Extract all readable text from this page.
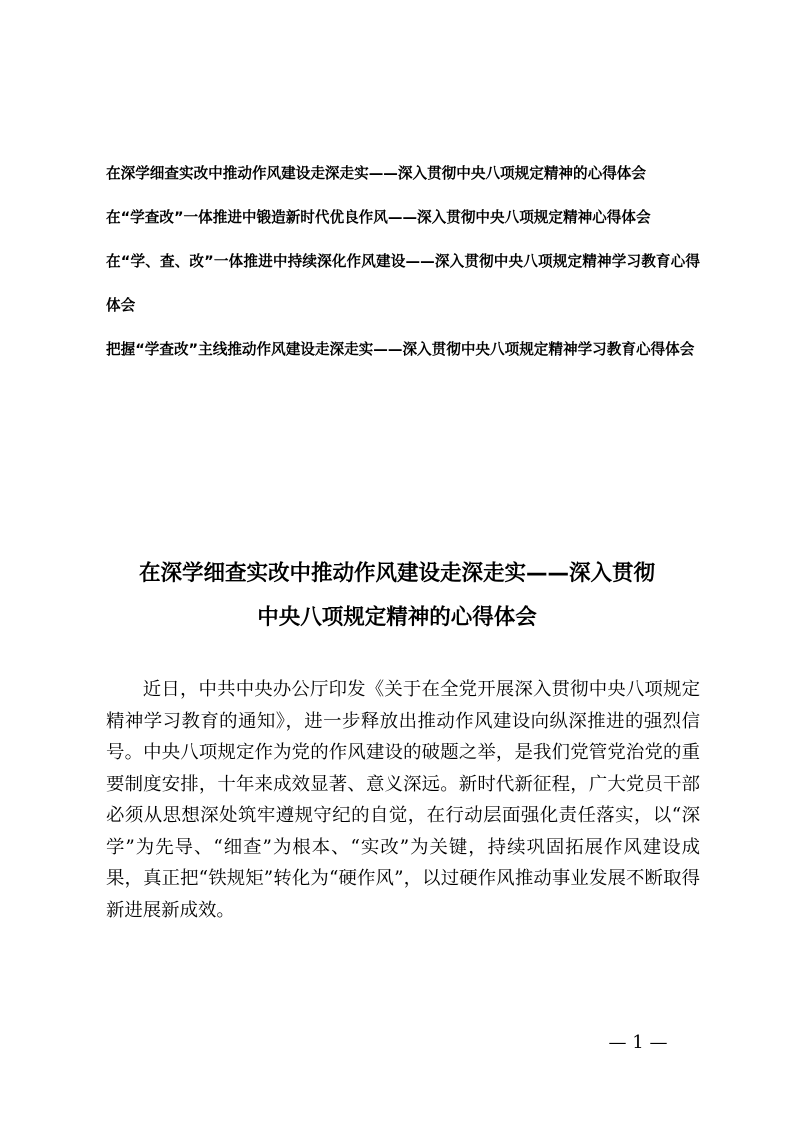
在深学细查实改中推动作风建设走深走实——深入贯彻中央八项规定精神的心得体会
在“学查改”一体推进中锻造新时代优良作风——深入贯彻中央八项规定精神心得体会
在“学、查、改”一体推进中持续深化作风建设——深入贯彻中央八项规定精神学习教育心得体会
把握“学查改”主线推动作风建设走深走实——深入贯彻中央八项规定精神学习教育心得体会
在深学细查实改中推动作风建设走深走实——深入贯彻
中央八项规定精神的心得体会

近日，中共中央办公厅印发《关于在全党开展深入贯彻中央八项规定精神学习教育的通知》，进一步释放出推动作风建设向纵深推进的强烈信号。中央八项规定作为党的作风建设的破题之举，是我们党管党治党的重要制度安排，十年来成效显著、意义深远。新时代新征程，广大党员干部必须从思想深处筑牢遵规守纪的自觉，在行动层面强化责任落实，以“深学”为先导、“细查”为根本、“实改”为关键，持续巩固拓展作风建设成果，真正把“铁规矩”转化为“硬作风”，以过硬作风推动事业发展不断取得新进展新成效。

— 1 —
